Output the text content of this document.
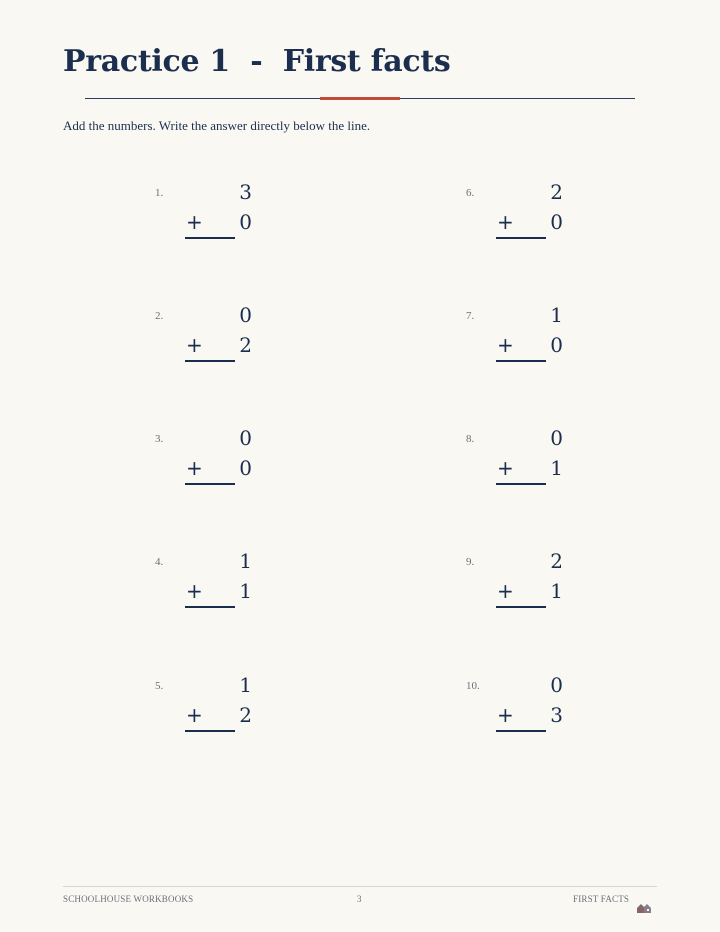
Practice 1  -  First facts
Add the numbers. Write the answer directly below the line.
1.	3
+ 0
2.	0
+ 2
3.	0
+ 0
4.	1
+ 1
5.	1
+ 2
6.	2
+ 0
7.	1
+ 0
8.	0
+ 1
9.	2
+ 1
10.	0
+ 3
SCHOOLHOUSE WORKBOOKS	3	FIRST FACTS
